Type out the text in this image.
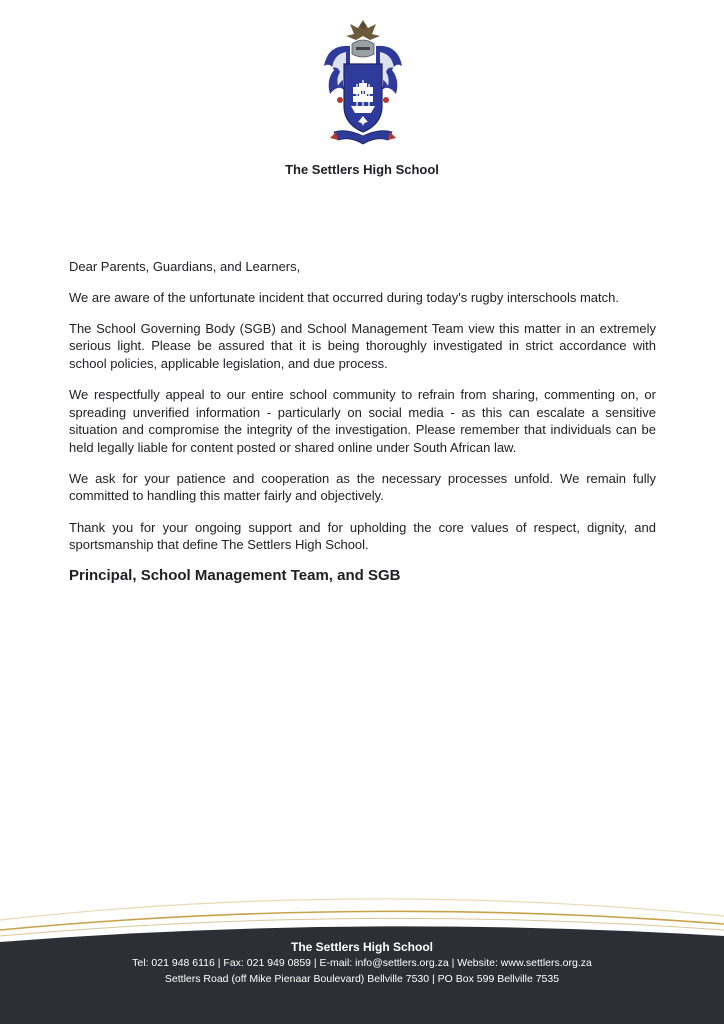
The Settlers High School

Dear Parents, Guardians, and Learners,

We are aware of the unfortunate incident that occurred during today's rugby interschools match.

The School Governing Body (SGB) and School Management Team view this matter in an extremely serious light. Please be assured that it is being thoroughly investigated in strict accordance with school policies, applicable legislation, and due process.

We respectfully appeal to our entire school community to refrain from sharing, commenting on, or spreading unverified information - particularly on social media - as this can escalate a sensitive situation and compromise the integrity of the investigation. Please remember that individuals can be held legally liable for content posted or shared online under South African law.

We ask for your patience and cooperation as the necessary processes unfold. We remain fully committed to handling this matter fairly and objectively.

Thank you for your ongoing support and for upholding the core values of respect, dignity, and sportsmanship that define The Settlers High School.

Principal, School Management Team, and SGB

The Settlers High School
Tel: 021 948 6116 | Fax: 021 949 0859 | E-mail: info@settlers.org.za | Website: www.settlers.org.za
Settlers Road (off Mike Pienaar Boulevard) Bellville 7530 | PO Box 599 Bellville 7535
